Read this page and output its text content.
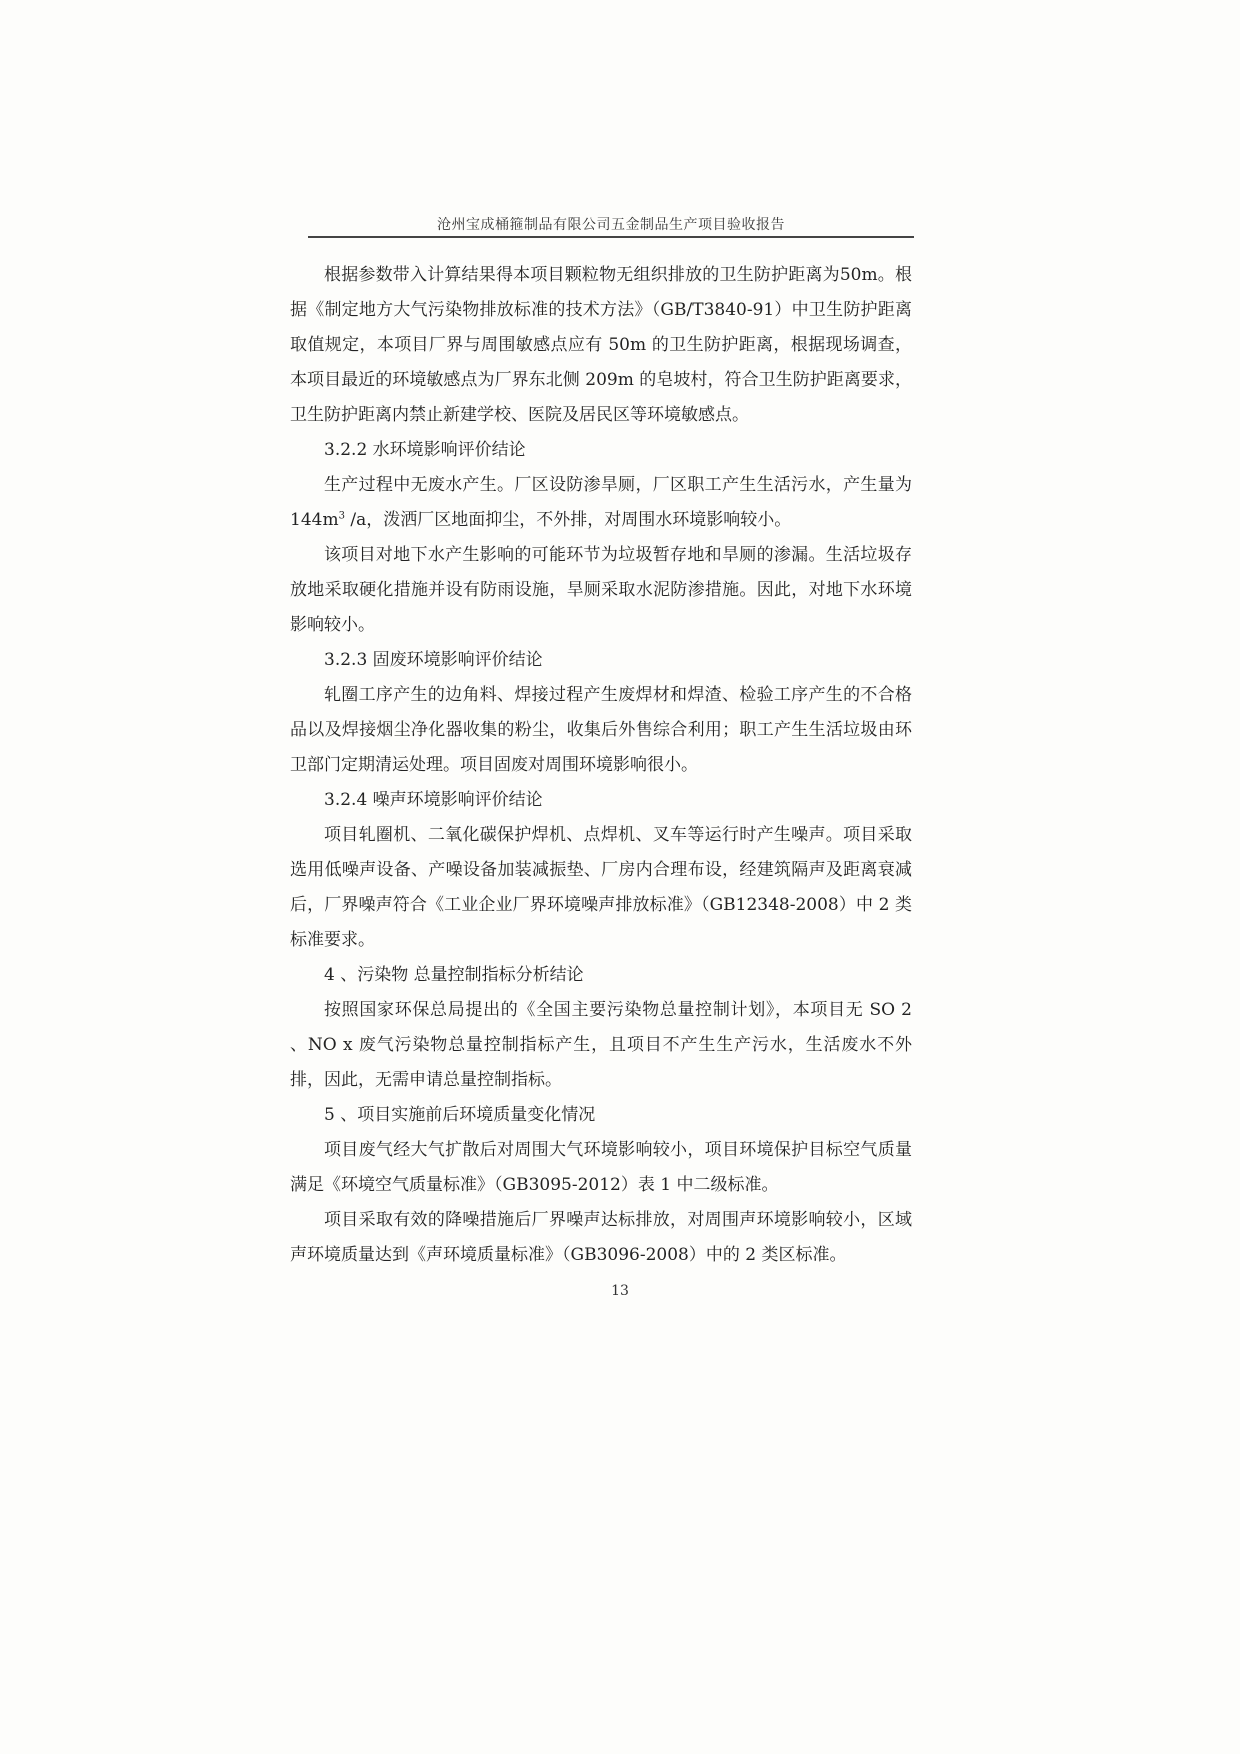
沧州宝成桶箍制品有限公司五金制品生产项目验收报告

根据参数带入计算结果得本项目颗粒物无组织排放的卫生防护距离为50m。根据《制定地方大气污染物排放标准的技术方法》（GB/T3840-91）中卫生防护距离取值规定，本项目厂界与周围敏感点应有 50m 的卫生防护距离，根据现场调查，本项目最近的环境敏感点为厂界东北侧 209m 的皂坡村，符合卫生防护距离要求，卫生防护距离内禁止新建学校、医院及居民区等环境敏感点。

3.2.2 水环境影响评价结论

生产过程中无废水产生。厂区设防渗旱厕，厂区职工产生生活污水，产生量为 $144m^3$ /a，泼洒厂区地面抑尘，不外排，对周围水环境影响较小。

该项目对地下水产生影响的可能环节为垃圾暂存地和旱厕的渗漏。生活垃圾存放地采取硬化措施并设有防雨设施，旱厕采取水泥防渗措施。因此，对地下水环境影响较小。

3.2.3 固废环境影响评价结论

轧圈工序产生的边角料、焊接过程产生废焊材和焊渣、检验工序产生的不合格品以及焊接烟尘净化器收集的粉尘，收集后外售综合利用；职工产生生活垃圾由环卫部门定期清运处理。项目固废对周围环境影响很小。

3.2.4 噪声环境影响评价结论

项目轧圈机、二氧化碳保护焊机、点焊机、叉车等运行时产生噪声。项目采取选用低噪声设备、产噪设备加装减振垫、厂房内合理布设，经建筑隔声及距离衰减后，厂界噪声符合《工业企业厂界环境噪声排放标准》（GB12348-2008）中 2 类标准要求。

4 、污染物 总量控制指标分析结论

按照国家环保总局提出的《全国主要污染物总量控制计划》，本项目无 SO 2 、NO x 废气污染物总量控制指标产生，且项目不产生生产污水，生活废水不外排，因此，无需申请总量控制指标。

5 、项目实施前后环境质量变化情况

项目废气经大气扩散后对周围大气环境影响较小，项目环境保护目标空气质量满足《环境空气质量标准》（GB3095-2012）表 1 中二级标准。

项目采取有效的降噪措施后厂界噪声达标排放，对周围声环境影响较小，区域声环境质量达到《声环境质量标准》（GB3096-2008）中的 2 类区标准。

13
